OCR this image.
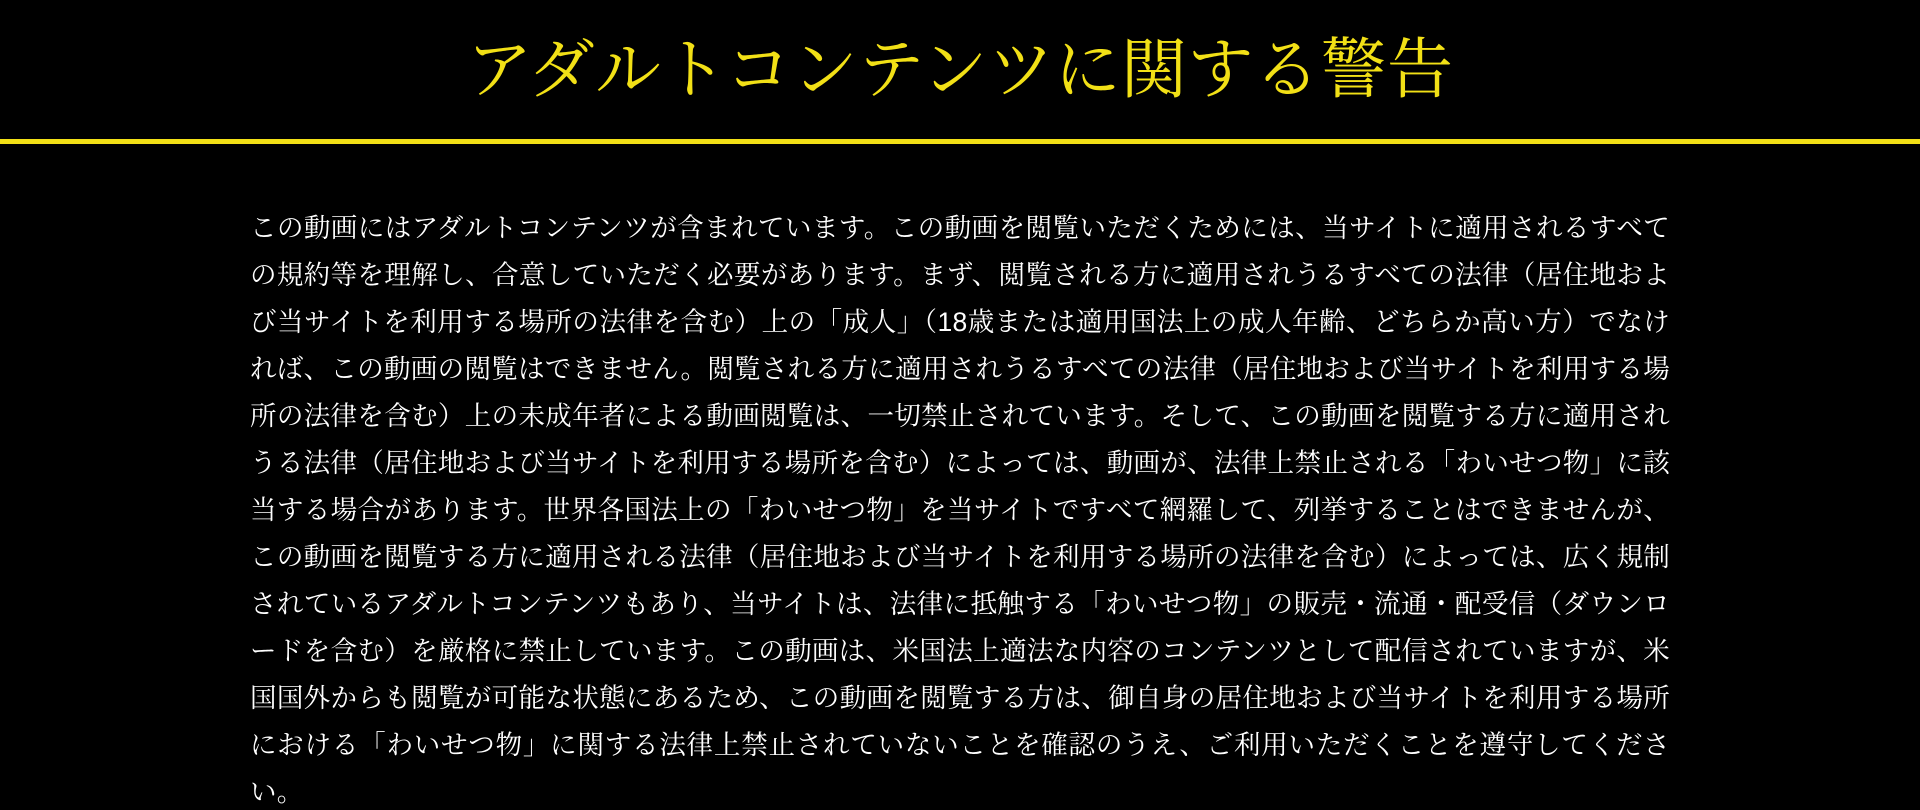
アダルトコンテンツに関する警告

この動画にはアダルトコンテンツが含まれています。この動画を閲覧いただくためには、当サイトに適用されるすべての規約等を理解し、合意していただく必要があります。まず、閲覧される方に適用されうるすべての法律（居住地および当サイトを利用する場所の法律を含む）上の「成人」（18歳または適用国法上の成人年齢、どちらか高い方）でなければ、この動画の閲覧はできません。閲覧される方に適用されうるすべての法律（居住地および当サイトを利用する場所の法律を含む）上の未成年者による動画閲覧は、一切禁止されています。そして、この動画を閲覧する方に適用されうる法律（居住地および当サイトを利用する場所を含む）によっては、動画が、法律上禁止される「わいせつ物」に該当する場合があります。世界各国法上の「わいせつ物」を当サイトですべて網羅して、列挙することはできませんが、この動画を閲覧する方に適用される法律（居住地および当サイトを利用する場所の法律を含む）によっては、広く規制されているアダルトコンテンツもあり、当サイトは、法律に抵触する「わいせつ物」の販売・流通・配受信（ダウンロードを含む）を厳格に禁止しています。この動画は、米国法上適法な内容のコンテンツとして配信されていますが、米国国外からも閲覧が可能な状態にあるため、この動画を閲覧する方は、御自身の居住地および当サイトを利用する場所における「わいせつ物」に関する法律上禁止されていないことを確認のうえ、ご利用いただくことを遵守してください。
